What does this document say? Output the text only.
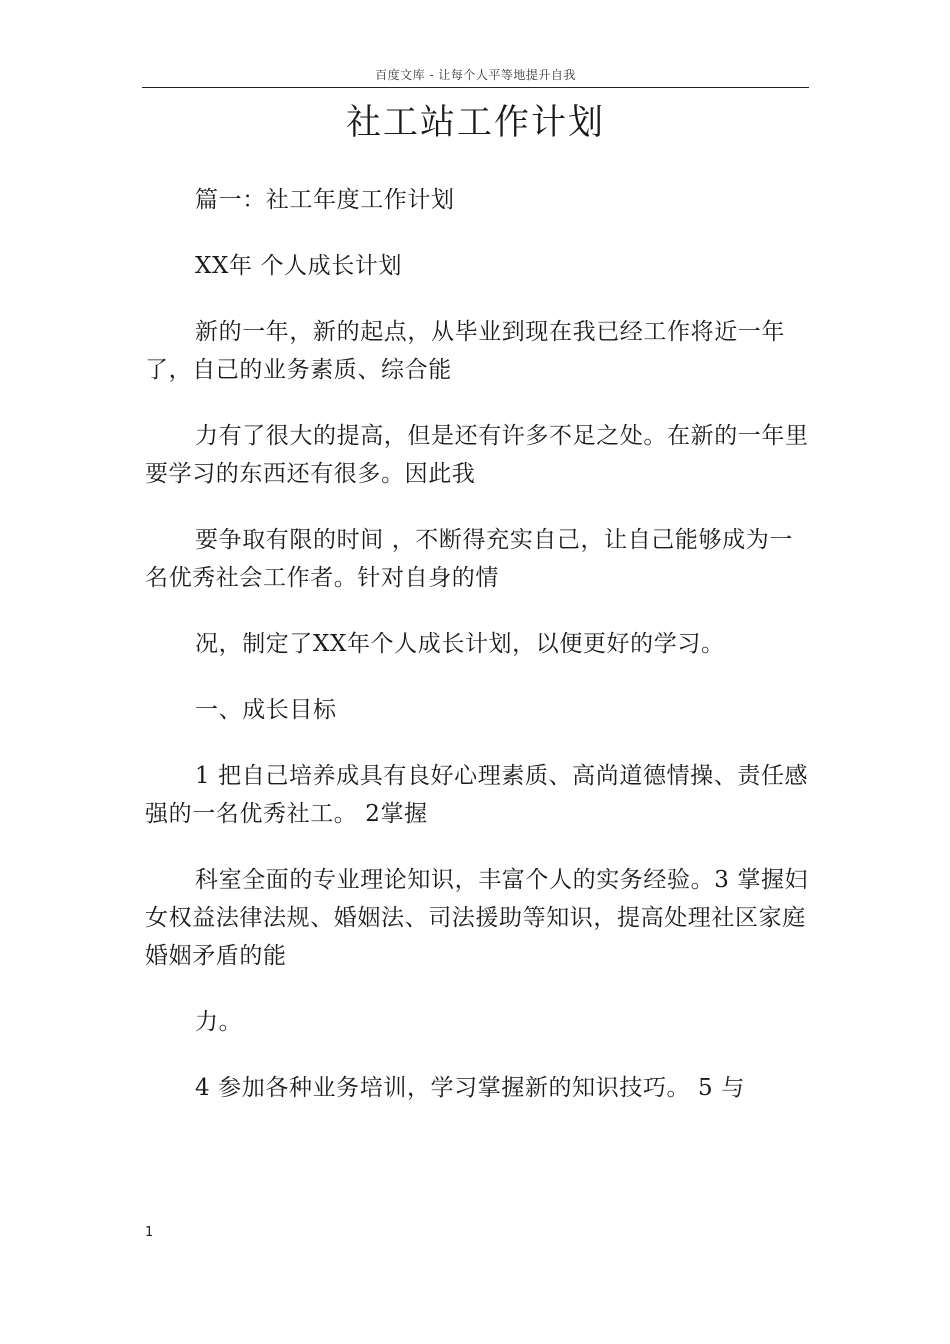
百度文库 - 让每个人平等地提升自我
社工站工作计划

篇一：社工年度工作计划

XX年 个人成长计划

新的一年，新的起点，从毕业到现在我已经工作将近一年了，自己的业务素质、综合能

力有了很大的提高，但是还有许多不足之处。在新的一年里要学习的东西还有很多。因此我

要争取有限的时间 ，不断得充实自己，让自己能够成为一名优秀社会工作者。针对自身的情

况，制定了XX年个人成长计划，以便更好的学习。

一、成长目标

1 把自己培养成具有良好心理素质、高尚道德情操、责任感强的一名优秀社工。 2掌握

科室全面的专业理论知识，丰富个人的实务经验。3 掌握妇女权益法律法规、婚姻法、司法援助等知识，提高处理社区家庭婚姻矛盾的能

力。

4 参加各种业务培训，学习掌握新的知识技巧。 5 与

1
